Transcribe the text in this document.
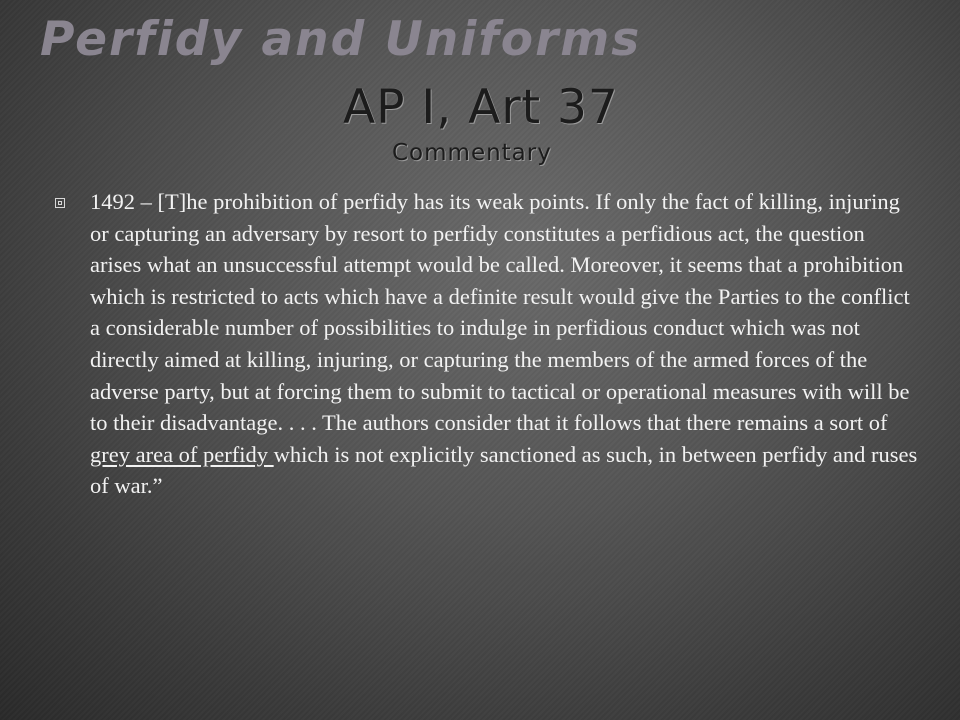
Perfidy and Uniforms
AP I, Art 37
Commentary

1492 – [T]he prohibition of perfidy has its weak points. If only the fact of killing, injuring or capturing an adversary by resort to perfidy constitutes a perfidious act, the question arises what an unsuccessful attempt would be called. Moreover, it seems that a prohibition which is restricted to acts which have a definite result would give the Parties to the conflict a considerable number of possibilities to indulge in perfidious conduct which was not directly aimed at killing, injuring, or capturing the members of the armed forces of the adverse party, but at forcing them to submit to tactical or operational measures with will be to their disadvantage. . . . The authors consider that it follows that there remains a sort of grey area of perfidy which is not explicitly sanctioned as such, in between perfidy and ruses of war.”
